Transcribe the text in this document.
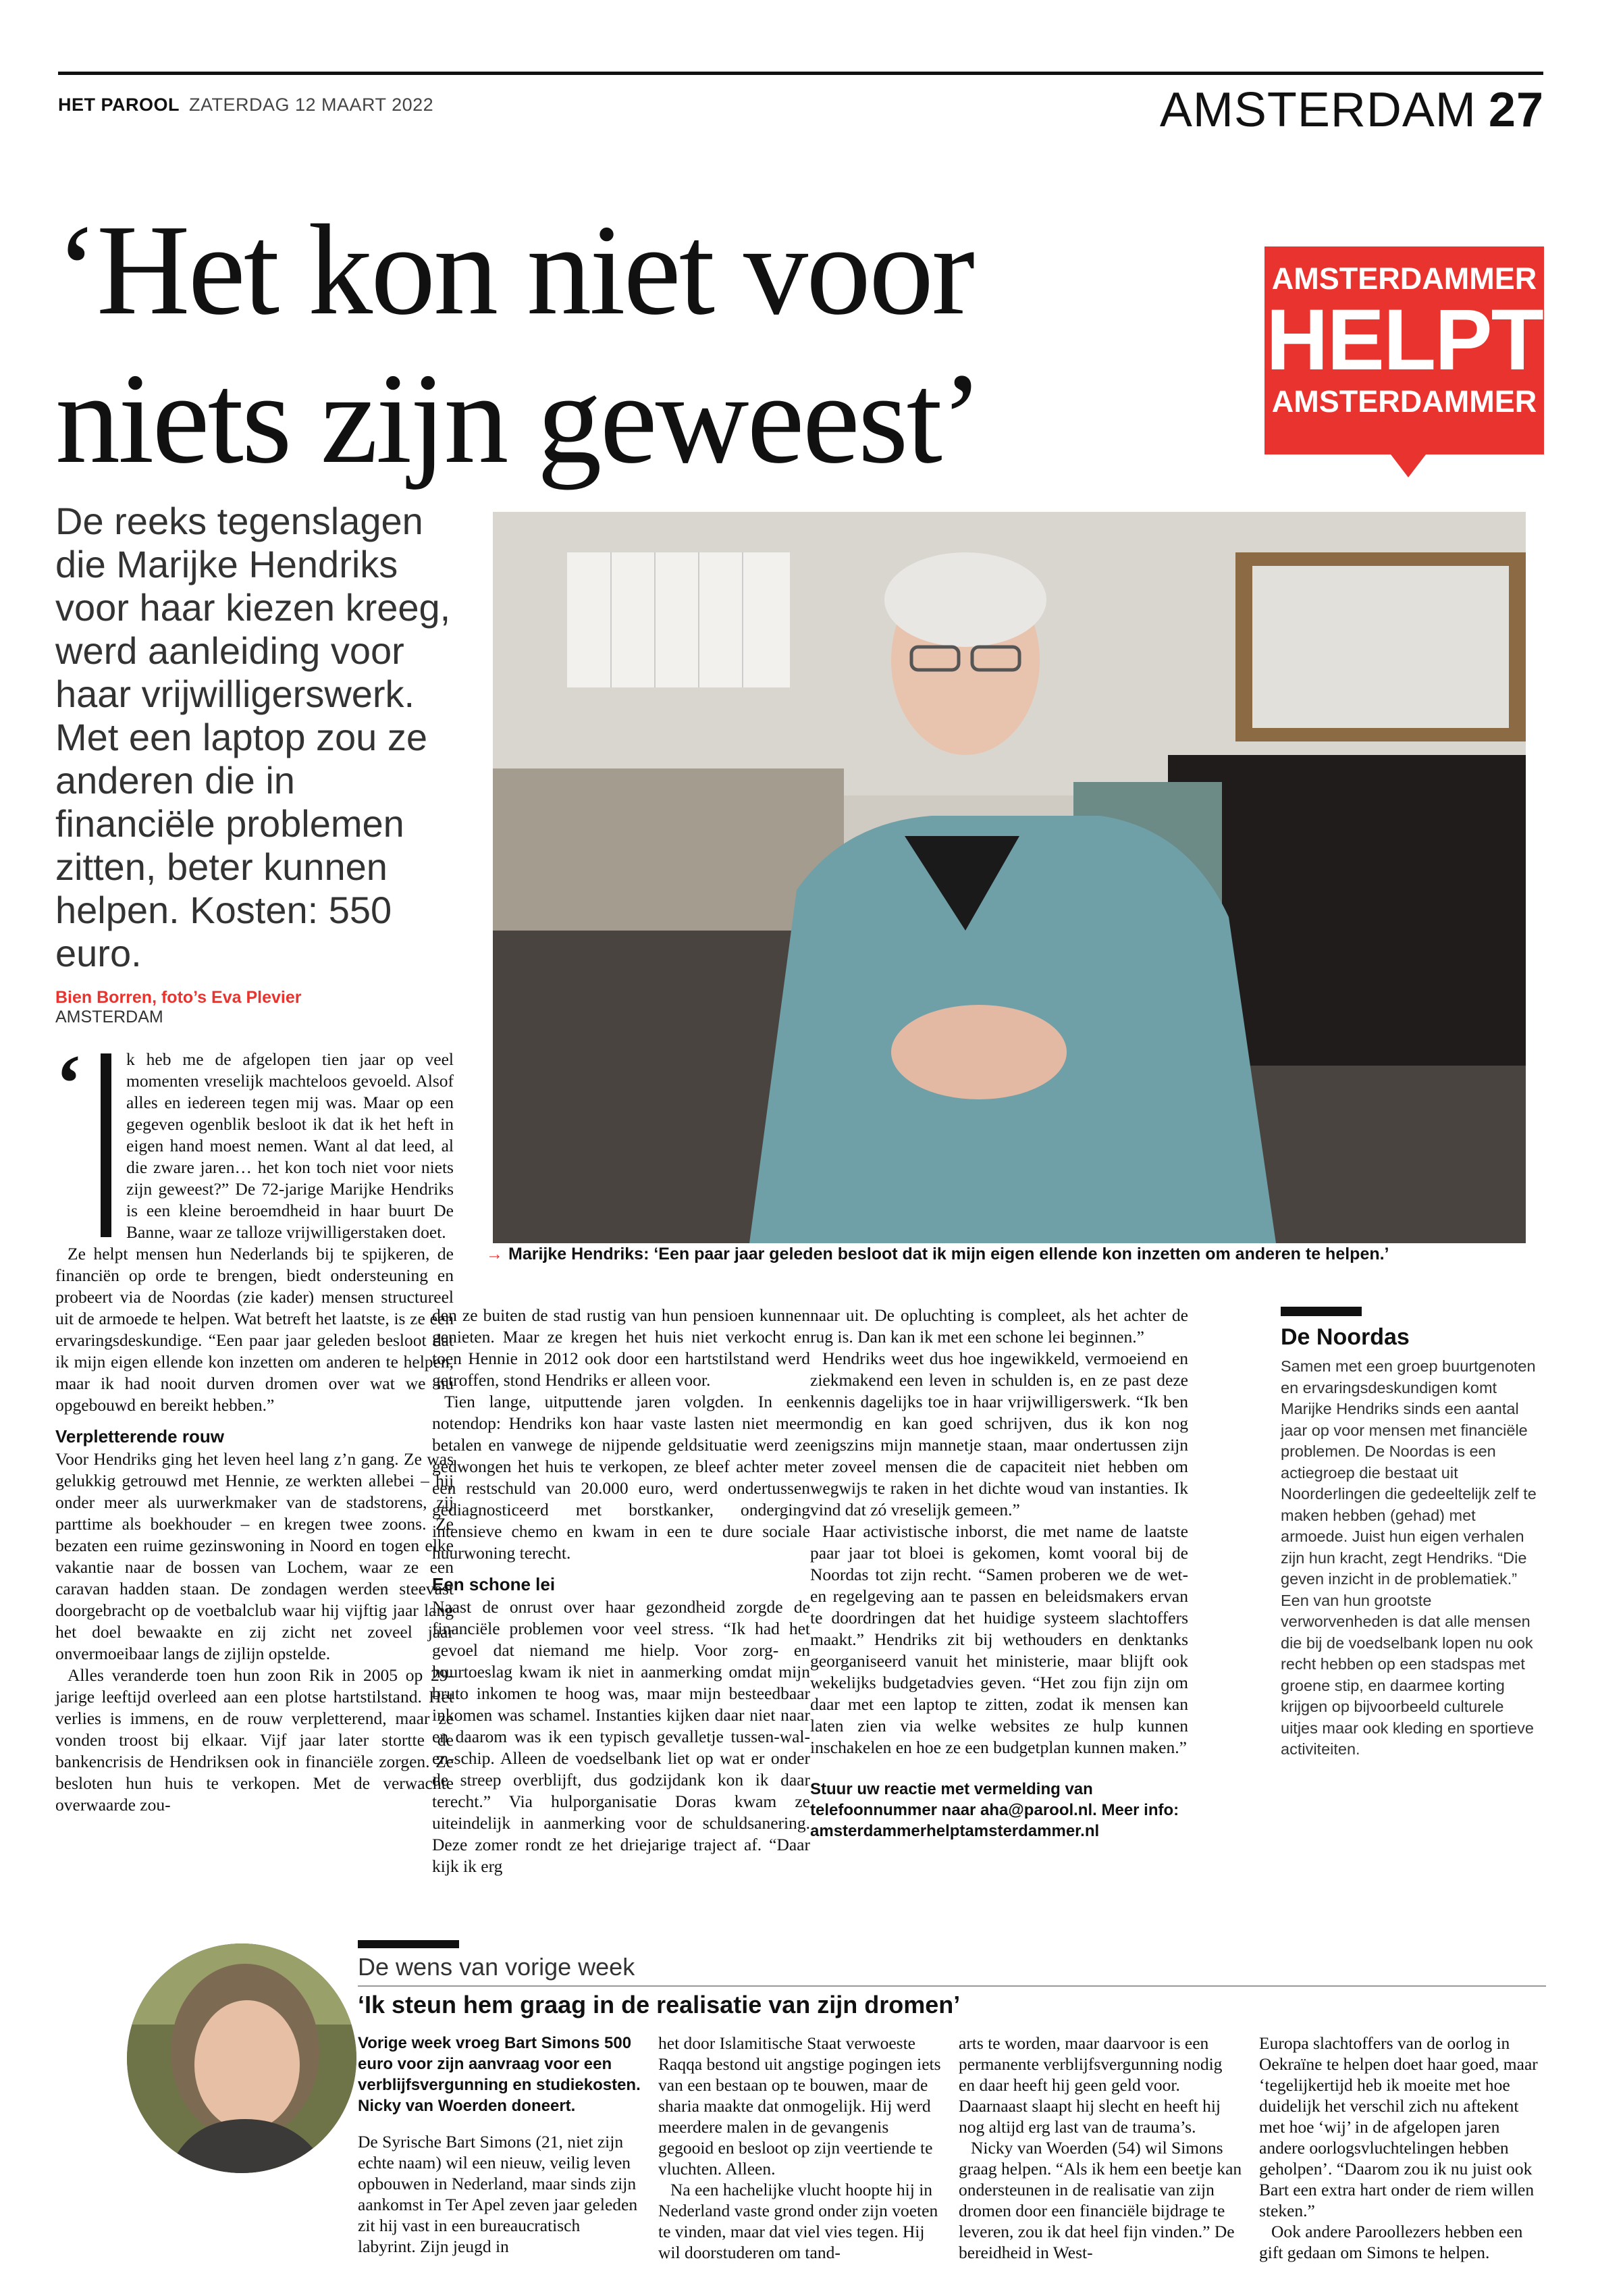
HET PAROOL ZATERDAG 12 MAART 2022	AMSTERDAM 27
‘Het kon niet voor
niets zijn geweest’
AMSTERDAMMER
HELPT
AMSTERDAMMER
De reeks tegenslagen die Marijke Hendriks voor haar kiezen kreeg, werd aanleiding voor haar vrijwilligerswerk. Met een laptop zou ze anderen die in financiële problemen zitten, beter kunnen helpen. Kosten: 550 euro.
→ Marijke Hendriks: ‘Een paar jaar geleden besloot dat ik mijn eigen ellende kon inzetten om anderen te helpen.’
Bien Borren, foto’s Eva Plevier
AMSTERDAM
‘	k heb me de afgelopen tien jaar op veel momenten vreselijk machteloos gevoeld. Alsof alles en iedereen tegen mij was. Maar op een gegeven ogenblik besloot ik dat ik het heft in eigen hand moest nemen. Want al dat leed, al die zware jaren… het kon toch niet voor niets zijn geweest?” De 72-jarige Marijke Hendriks is een kleine beroemdheid in haar buurt De Banne, waar ze talloze vrijwilligerstaken doet.

Ze helpt mensen hun Nederlands bij te spijkeren, de financiën op orde te brengen, biedt ondersteuning en probeert via de Noordas (zie kader) mensen structureel uit de armoede te helpen. Wat betreft het laatste, is ze een ervaringsdeskundige. “Een paar jaar geleden besloot dat ik mijn eigen ellende kon inzetten om anderen te helpen, maar ik had nooit durven dromen over wat we nu opgebouwd en bereikt hebben.”

Verpletterende rouw

Voor Hendriks ging het leven heel lang z’n gang. Ze was gelukkig getrouwd met Hennie, ze werkten allebei – hij onder meer als uurwerkmaker van de stadstorens, zij parttime als boekhouder – en kregen twee zoons. Ze bezaten een ruime gezinswoning in Noord en togen elke vakantie naar de bossen van Lochem, waar ze een caravan hadden staan. De zondagen werden steevast doorgebracht op de voetbalclub waar hij vijftig jaar lang het doel bewaakte en zij zicht net zoveel jaar onvermoeibaar langs de zijlijn opstelde.

Alles veranderde toen hun zoon Rik in 2005 op 29-jarige leeftijd overleed aan een plotse hartstilstand. Het verlies is immens, en de rouw verpletterend, maar ze vonden troost bij elkaar. Vijf jaar later stortte de bankencrisis de Hendriksen ook in financiële zorgen. Ze besloten hun huis te verkopen. Met de verwachte overwaarde zou-

den ze buiten de stad rustig van hun pensioen kunnen genieten. Maar ze kregen het huis niet verkocht en toen Hennie in 2012 ook door een hartstilstand werd getroffen, stond Hendriks er alleen voor.

Tien lange, uitputtende jaren volgden. In een notendop: Hendriks kon haar vaste lasten niet meer betalen en vanwege de nijpende geldsituatie werd ze gedwongen het huis te verkopen, ze bleef achter met een restschuld van 20.000 euro, werd ondertussen gediagnosticeerd met borstkanker, onderging intensieve chemo en kwam in een te dure sociale huurwoning terecht.

Een schone lei

Naast de onrust over haar gezondheid zorgde de financiële problemen voor veel stress. “Ik had het gevoel dat niemand me hielp. Voor zorg- en huurtoeslag kwam ik niet in aanmerking omdat mijn bruto inkomen te hoog was, maar mijn besteedbaar inkomen was schamel. Instanties kijken daar niet naar en daarom was ik een typisch gevalletje tussen-wal-en-schip. Alleen de voedselbank liet op wat er onder de streep overblijft, dus godzijdank kon ik daar terecht.” Via hulporganisatie Doras kwam ze uiteindelijk in aanmerking voor de schuldsanering. Deze zomer rondt ze het driejarige traject af. “Daar kijk ik erg

naar uit. De opluchting is compleet, als het achter de rug is. Dan kan ik met een schone lei beginnen.”

Hendriks weet dus hoe ingewikkeld, vermoeiend en ziekmakend een leven in schulden is, en ze past deze kennis dagelijks toe in haar vrijwilligerswerk. “Ik ben mondig en kan goed schrijven, dus ik kon nog enigszins mijn mannetje staan, maar ondertussen zijn er zoveel mensen die de capaciteit niet hebben om wegwijs te raken in het dichte woud van instanties. Ik vind dat zó vreselijk gemeen.”

Haar activistische inborst, die met name de laatste paar jaar tot bloei is gekomen, komt vooral bij de Noordas tot zijn recht. “Samen proberen we de wet- en regelgeving aan te passen en beleidsmakers ervan te doordringen dat het huidige systeem slachtoffers maakt.” Hendriks zit bij wethouders en denktanks georganiseerd vanuit het ministerie, maar blijft ook wekelijks budgetadvies geven. “Het zou fijn zijn om daar met een laptop te zitten, zodat ik mensen kan laten zien via welke websites ze hulp kunnen inschakelen en hoe ze een budgetplan kunnen maken.”

Stuur uw reactie met vermelding van telefoonnummer naar aha@parool.nl. Meer info: amsterdammerhelptamsterdammer.nl
De Noordas

Samen met een groep buurtgenoten en ervaringsdeskundigen komt Marijke Hendriks sinds een aantal jaar op voor mensen met financiële problemen. De Noordas is een actiegroep die bestaat uit Noorderlingen die gedeeltelijk zelf te maken hebben (gehad) met armoede. Juist hun eigen verhalen zijn hun kracht, zegt Hendriks. “Die geven inzicht in de problematiek.” Een van hun grootste verworvenheden is dat alle mensen die bij de voedselbank lopen nu ook recht hebben op een stadspas met groene stip, en daarmee korting krijgen op bijvoorbeeld culturele uitjes maar ook kleding en sportieve activiteiten.

De wens van vorige week
‘Ik steun hem graag in de realisatie van zijn dromen’

Vorige week vroeg Bart Simons 500 euro voor zijn aanvraag voor een verblijfsvergunning en studiekosten. Nicky van Woerden doneert.

De Syrische Bart Simons (21, niet zijn echte naam) wil een nieuw, veilig leven opbouwen in Nederland, maar sinds zijn aankomst in Ter Apel zeven jaar geleden zit hij vast in een bureaucratisch labyrint. Zijn jeugd in

het door Islamitische Staat verwoeste Raqqa bestond uit angstige pogingen iets van een bestaan op te bouwen, maar de sharia maakte dat onmogelijk. Hij werd meerdere malen in de gevangenis gegooid en besloot op zijn veertiende te vluchten. Alleen.

Na een hachelijke vlucht hoopte hij in Nederland vaste grond onder zijn voeten te vinden, maar dat viel vies tegen. Hij wil doorstuderen om tand-

arts te worden, maar daarvoor is een permanente verblijfsvergunning nodig en daar heeft hij geen geld voor. Daarnaast slaapt hij slecht en heeft hij nog altijd erg last van de trauma’s.

Nicky van Woerden (54) wil Simons graag helpen. “Als ik hem een beetje kan ondersteunen in de realisatie van zijn dromen door een financiële bijdrage te leveren, zou ik dat heel fijn vinden.” De bereidheid in West-

Europa slachtoffers van de oorlog in Oekraïne te helpen doet haar goed, maar ‘tegelijkertijd heb ik moeite met hoe duidelijk het verschil zich nu aftekent met hoe ‘wij’ in de afgelopen jaren andere oorlogsvluchtelingen hebben geholpen’. “Daarom zou ik nu juist ook Bart een extra hart onder de riem willen steken.”

Ook andere Paroollezers hebben een gift gedaan om Simons te helpen.
